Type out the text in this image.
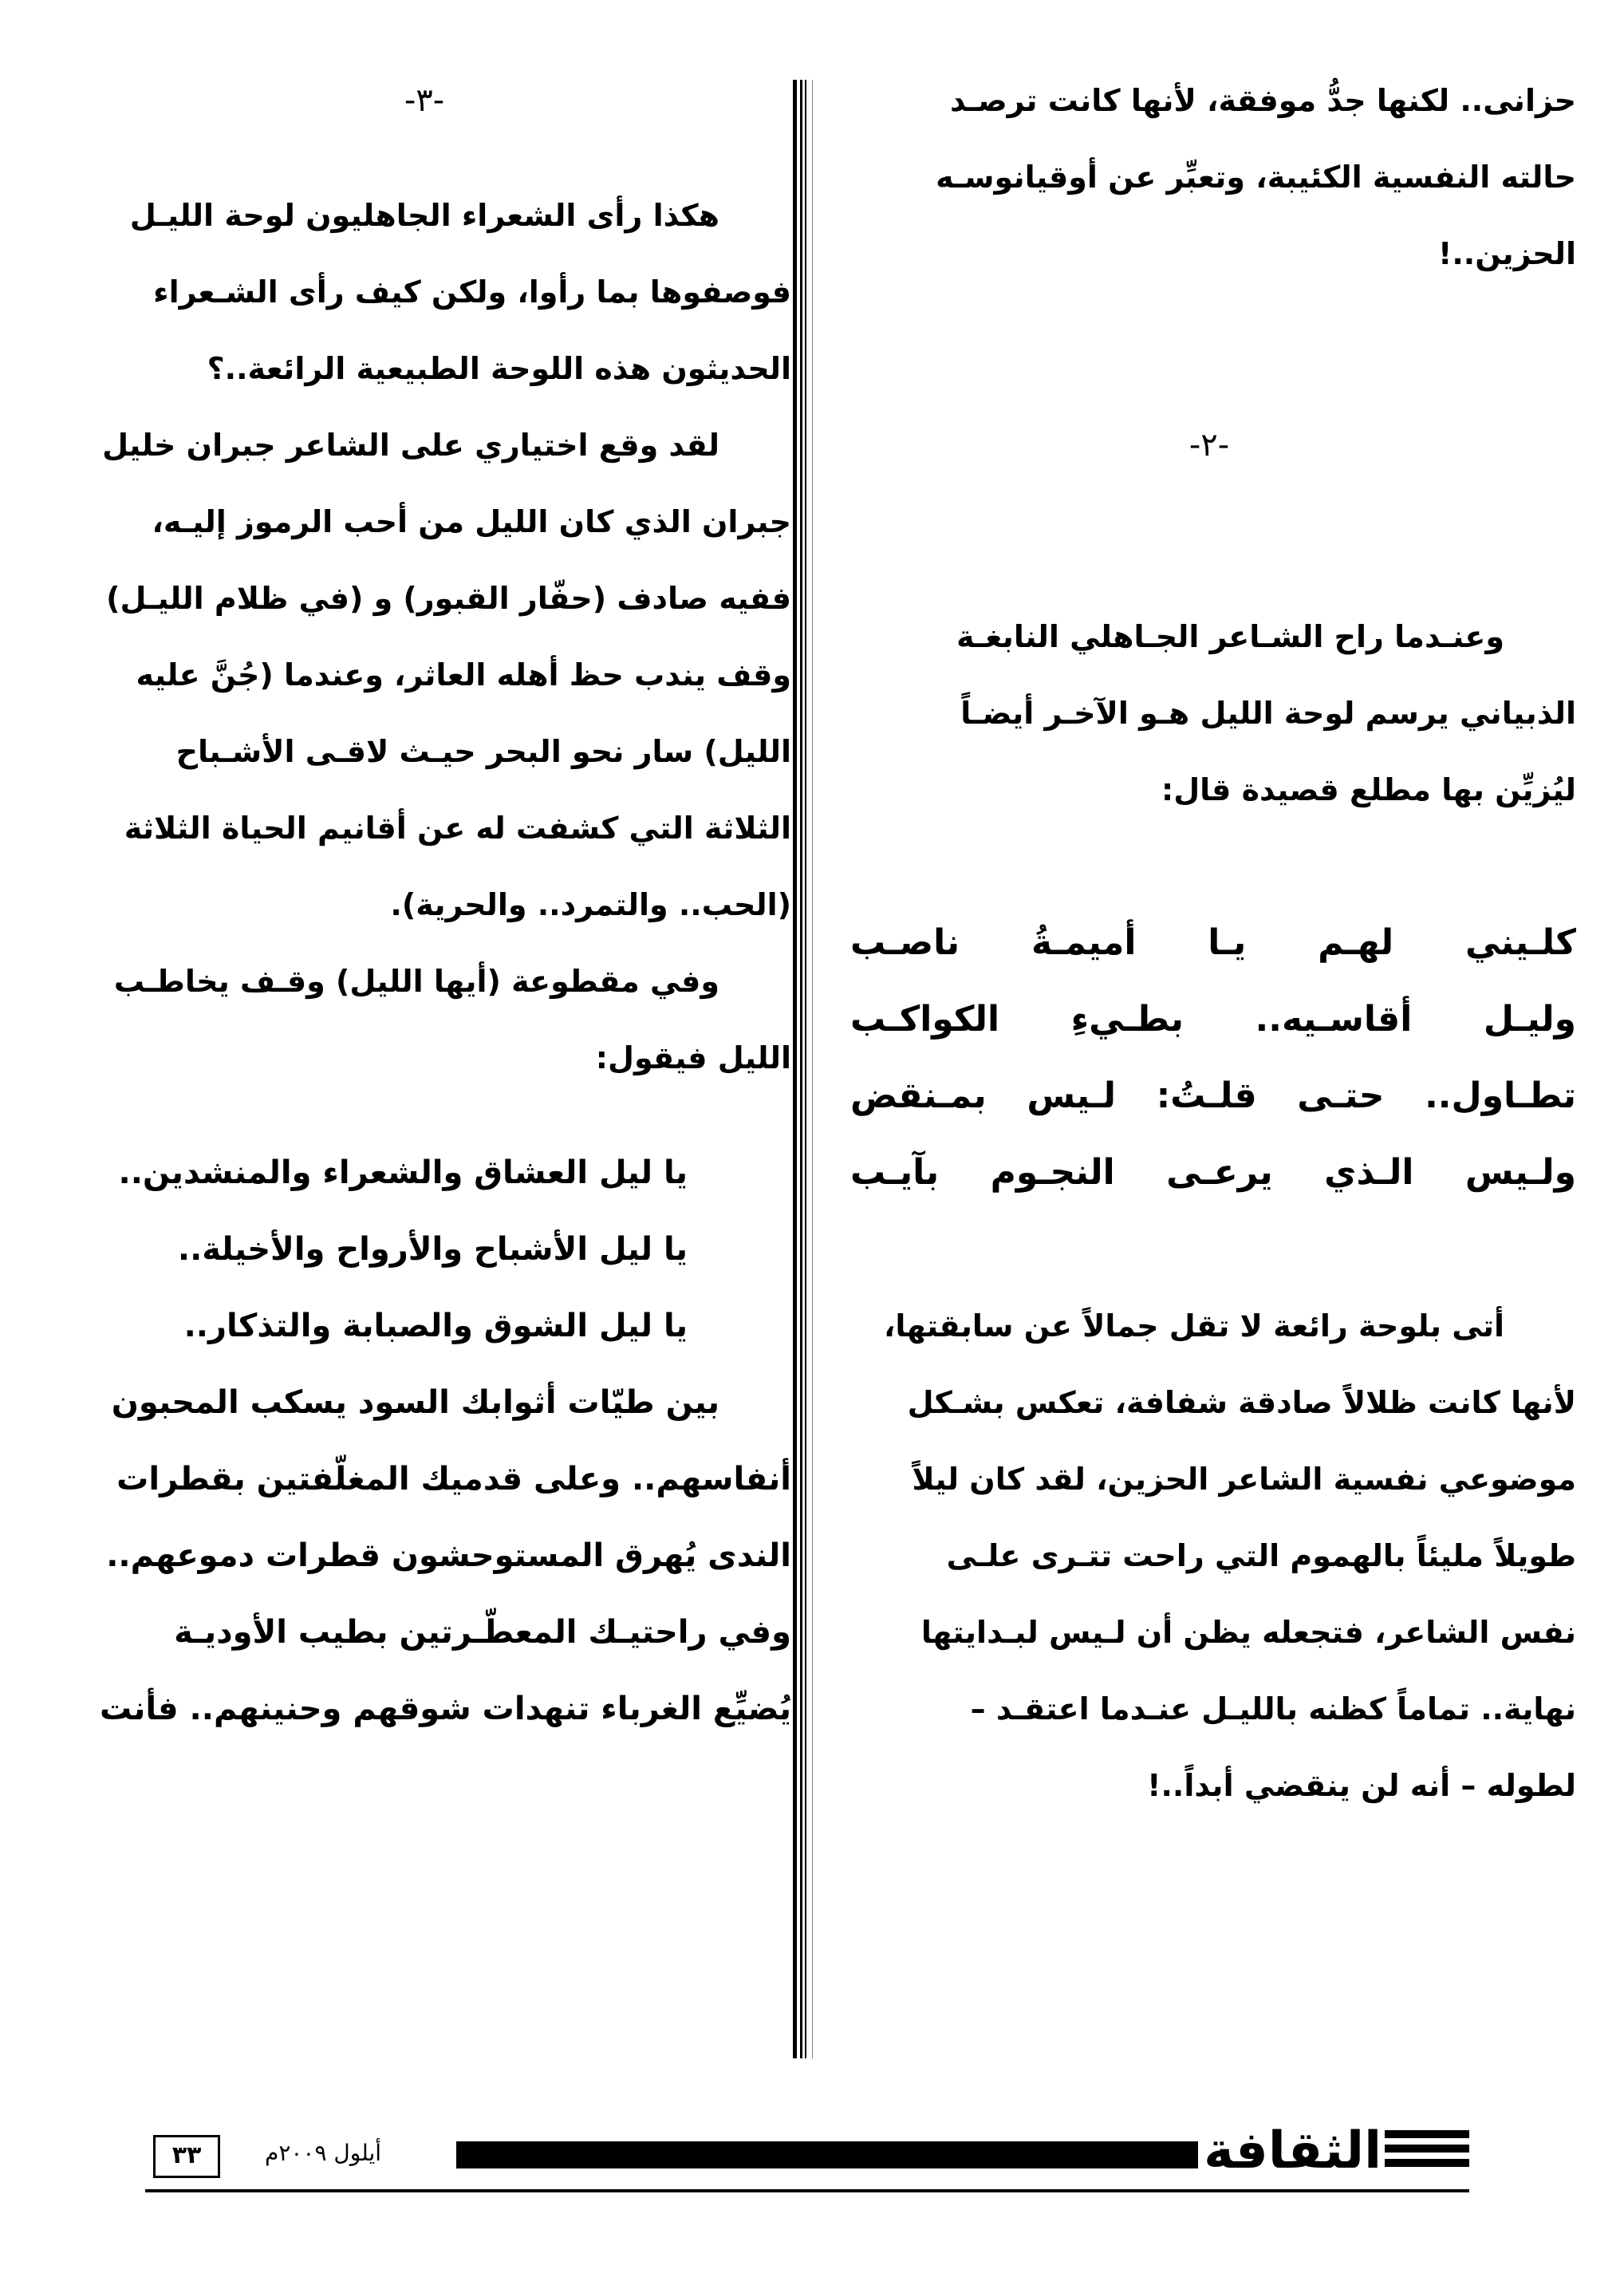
حزانى.. لكنها جدُّ موفقة، لأنها كانت ترصـد
حالته النفسية الكئيبة، وتعبِّر عن أوقيانوسـه
الحزين..!
-٢-
وعنـدما راح الشـاعر الجـاهلي النابغـة
الذبياني يرسم لوحة الليل هـو الآخـر أيضـاً
ليُزيِّن بها مطلع قصيدة قال:
كلـيني لهـم يـا أميمـةُ ناصـب
وليـل أقاسـيه.. بطـيءِ الكواكـب
تطـاول.. حتـى قلـتُ: لـيس بمـنقض
ولـيس الـذي يرعـى النجـوم بآيـب
أتى بلوحة رائعة لا تقل جمالاً عن سابقتها،
لأنها كانت ظلالاً صادقة شفافة، تعكس بشـكل
موضوعي نفسية الشاعر الحزين، لقد كان ليلاً
طويلاً مليئاً بالهموم التي راحت تتـرى علـى
نفس الشاعر، فتجعله يظن أن لـيس لبـدايتها
نهاية.. تماماً كظنه بالليـل عنـدما اعتقـد –
لطوله – أنه لن ينقضي أبداً..!
-٣-
هكذا رأى الشعراء الجاهليون لوحة الليـل
فوصفوها بما رأوا، ولكن كيف رأى الشـعراء
الحديثون هذه اللوحة الطبيعية الرائعة..؟
لقد وقع اختياري على الشاعر جبران خليل
جبران الذي كان الليل من أحب الرموز إليـه،
ففيه صادف (حفّار القبور) و (في ظلام الليـل)
وقف يندب حظ أهله العاثر، وعندما (جُنَّ عليه
الليل) سار نحو البحر حيـث لاقـى الأشـباح
الثلاثة التي كشفت له عن أقانيم الحياة الثلاثة
(الحب.. والتمرد.. والحرية).
وفي مقطوعة (أيها الليل) وقـف يخاطـب
الليل فيقول:
يا ليل العشاق والشعراء والمنشدين..
يا ليل الأشباح والأرواح والأخيلة..
يا ليل الشوق والصبابة والتذكار..
بين طيّات أثوابك السود يسكب المحبون
أنفاسهم.. وعلى قدميك المغلّفتين بقطرات
الندى يُهرق المستوحشون قطرات دموعهم..
وفي راحتيـك المعطّـرتين بطيب الأوديـة
يُضيِّع الغرباء تنهدات شوقهم وحنينهم.. فأنت
٣٣	أيلول ٢٠٠٩م	الثقافة
